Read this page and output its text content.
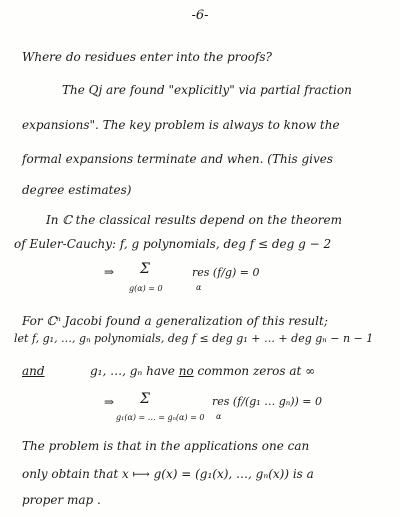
-6-
Where do residues enter into the proofs?
The Qj are found "explicitly" via partial fraction
expansions". The key problem is always to know the
formal expansions terminate and when. (This gives
degree estimates)
In ℂ the classical results depend on the theorem
of Euler-Cauchy: f, g polynomials, deg f ≤ deg g − 2
⇒ Σ
g(α) = 0
res (f/g) = 0
α
For ℂⁿ Jacobi found a generalization of this result;
let f, g₁, …, gₙ polynomials, deg f ≤ deg g₁ + … + deg gₙ − n − 1
and	g₁, …, gₙ have no common zeros at ∞
⇒ Σ
g₁(α) = … = gₙ(α) = 0
res (f/(g₁ … gₙ)) = 0
α
The problem is that in the applications one can
only obtain that x ⟼ g(x) = (g₁(x), …, gₙ(x)) is a
proper map .
